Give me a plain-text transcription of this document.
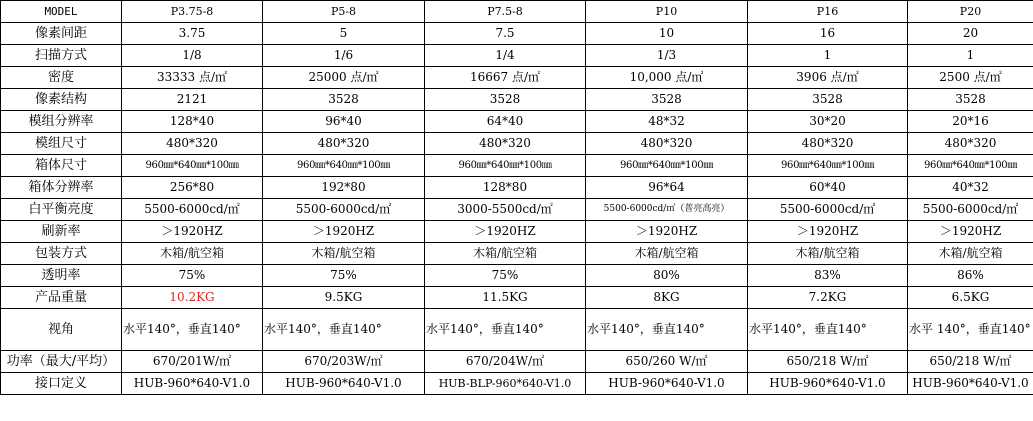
MODEL	P3.75-8	P5-8	P7.5-8	P10	P16	P20
像素间距	3.75	5	7.5	10	16	20
扫描方式	1/8	1/6	1/4	1/3	1	1
密度	33333 点/㎡	25000 点/㎡	16667 点/㎡	10,000 点/㎡	3906 点/㎡	2500 点/㎡
像素结构	2121	3528	3528	3528	3528	3528
模组分辨率	128*40	96*40	64*40	48*32	30*20	20*16
模组尺寸	480*320	480*320	480*320	480*320	480*320	480*320
箱体尺寸	960㎜*640㎜*100㎜	960㎜*640㎜*100㎜	960㎜*640㎜*100㎜	960㎜*640㎜*100㎜	960㎜*640㎜*100㎜	960㎜*640㎜*100㎜
箱体分辨率	256*80	192*80	128*80	96*64	60*40	40*32
白平衡亮度	5500-6000cd/㎡	5500-6000cd/㎡	3000-5500cd/㎡	5500-6000cd/㎡（普亮高亮）	5500-6000cd/㎡	5500-6000cd/㎡
刷新率	＞1920HZ	＞1920HZ	＞1920HZ	＞1920HZ	＞1920HZ	＞1920HZ
包装方式	木箱/航空箱	木箱/航空箱	木箱/航空箱	木箱/航空箱	木箱/航空箱	木箱/航空箱
透明率	75%	75%	75%	80%	83%	86%
产品重量	10.2KG	9.5KG	11.5KG	8KG	7.2KG	6.5KG
视角	水平140°，垂直140°	水平140°，垂直140°	水平140°，垂直140°	水平140°，垂直140°	水平140°，垂直140°	水平 140°，垂直140°
功率（最大/平均）	670/201W/㎡	670/203W/㎡	670/204W/㎡	650/260 W/㎡	650/218 W/㎡	650/218 W/㎡
接口定义	HUB-960*640-V1.0	HUB-960*640-V1.0	HUB-BLP-960*640-V1.0	HUB-960*640-V1.0	HUB-960*640-V1.0	HUB-960*640-V1.0
